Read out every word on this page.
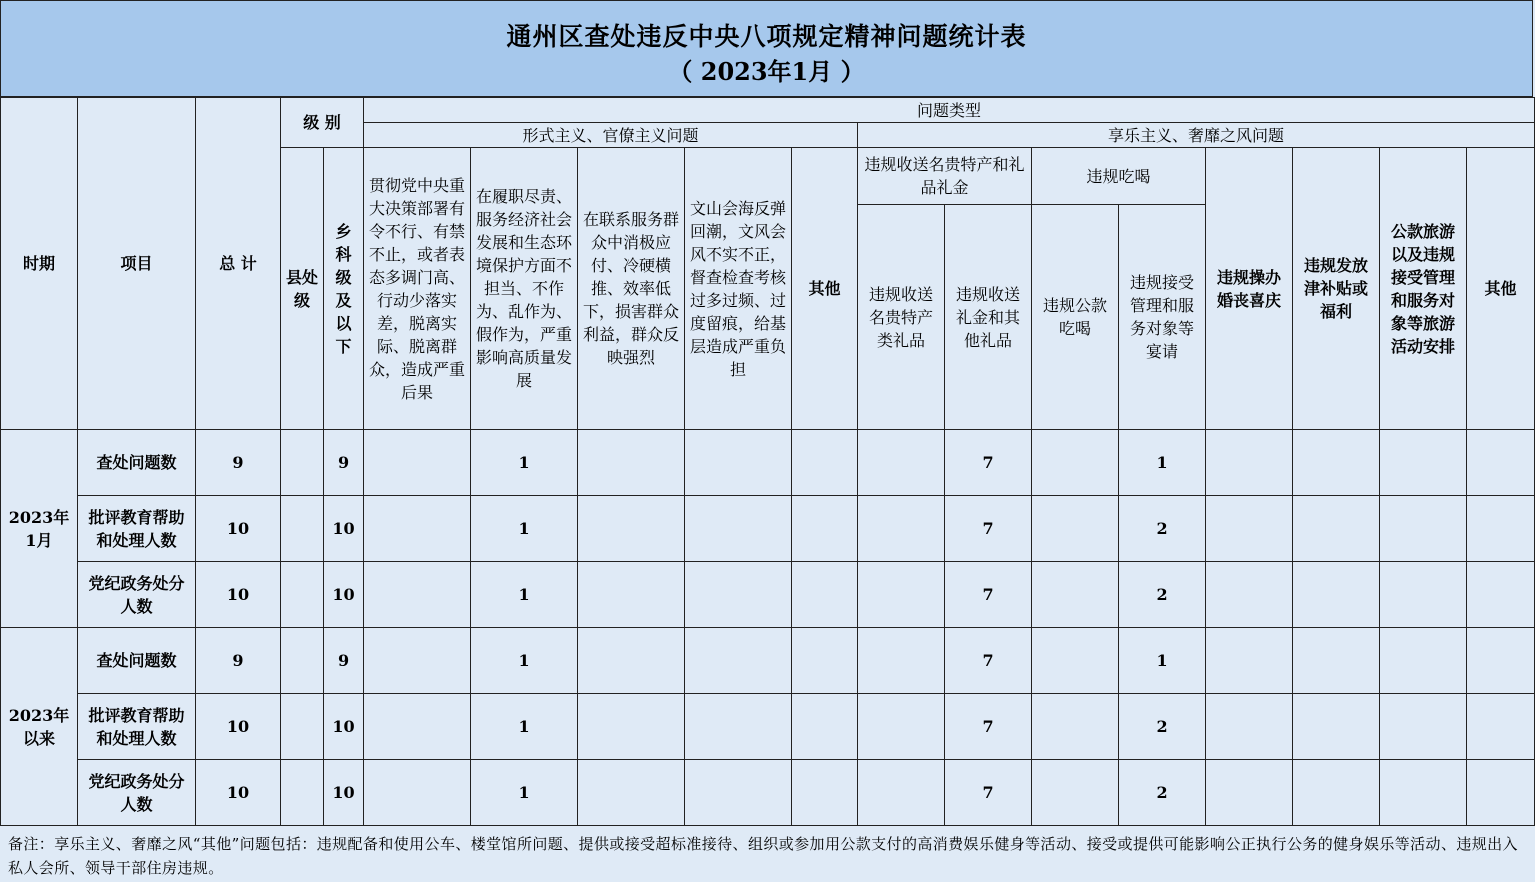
通州区查处违反中央八项规定精神问题统计表
（ 2023年1月 ）
时期	项目	总 计	级 别		问题类型												
					形式主义、官僚主义问题					享乐主义、奢靡之风问题							
			县处级	乡科级及以下	贯彻党中央重大决策部署有令不行、有禁不止，或者表态多调门高、行动少落实差，脱离实际、脱离群众，造成严重后果	在履职尽责、服务经济社会发展和生态环境保护方面不担当、不作为、乱作为、假作为，严重影响高质量发展	在联系服务群众中消极应付、冷硬横推、效率低下，损害群众利益，群众反映强烈	文山会海反弹回潮，文风会风不实不正，督查检查考核过多过频、过度留痕，给基层造成严重负担	其他	违规收送名贵特产和礼品礼金		违规吃喝		违规操办婚丧喜庆	违规发放津补贴或福利	公款旅游以及违规接受管理和服务对象等旅游活动安排	其他
										违规收送名贵特产类礼品	违规收送礼金和其他礼品	违规公款吃喝	违规接受管理和服务对象等宴请				
2023年1月	查处问题数	9		9		1					7		1				
	批评教育帮助和处理人数	10		10		1					7		2				
	党纪政务处分人数	10		10		1					7		2				
2023年以来	查处问题数	9		9		1					7		1				
	批评教育帮助和处理人数	10		10		1					7		2				
	党纪政务处分人数	10		10		1					7		2				
备注：享乐主义、奢靡之风“其他”问题包括：违规配备和使用公车、楼堂馆所问题、提供或接受超标准接待、组织或参加用公款支付的高消费娱乐健身等活动、接受或提供可能影响公正执行公务的健身娱乐等活动、违规出入私人会所、领导干部住房违规。
